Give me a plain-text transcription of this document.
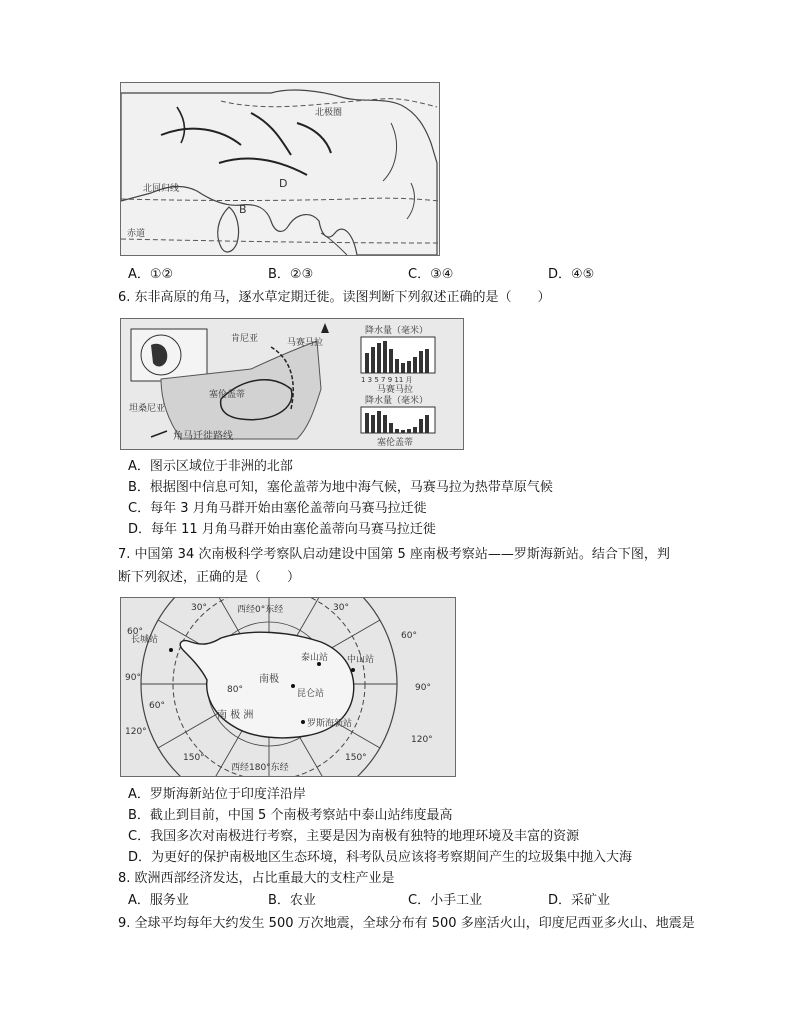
北极圈
北回归线
赤道
D
B
A．①②	B．②③	C．③④	D．④⑤
6. 东非高原的角马，逐水草定期迁徙。读图判断下列叙述正确的是（　　）
肯尼亚
坦桑尼亚
马赛马拉
塞伦盖蒂
角马迁徙路线
降水量（毫米）
1 3 5 7 9 11 月
马赛马拉
降水量（毫米）
塞伦盖蒂
A．图示区域位于非洲的北部
B．根据图中信息可知，塞伦盖蒂为地中海气候，马赛马拉为热带草原气候
C．每年 3 月角马群开始由塞伦盖蒂向马赛马拉迁徙
D．每年 11 月角马群开始由塞伦盖蒂向马赛马拉迁徙
7. 中国第 34 次南极科学考察队启动建设中国第 5 座南极考察站——罗斯海新站。结合下图，判
断下列叙述，正确的是（　　）
西经0°东经
西经180°东经
南极
长城站
泰山站 中山站
昆仑站
罗斯海新站
南 极 洲
80°
60°
30°	30°
60°
60°
90°
90°
120°
120°
150°	150°
A．罗斯海新站位于印度洋沿岸
B．截止到目前，中国 5 个南极考察站中泰山站纬度最高
C．我国多次对南极进行考察，主要是因为南极有独特的地理环境及丰富的资源
D．为更好的保护南极地区生态环境，科考队员应该将考察期间产生的垃圾集中抛入大海
8. 欧洲西部经济发达，占比重最大的支柱产业是
A．服务业	B．农业	C．小手工业	D．采矿业
9. 全球平均每年大约发生 500 万次地震，全球分布有 500 多座活火山，印度尼西亚多火山、地震是
